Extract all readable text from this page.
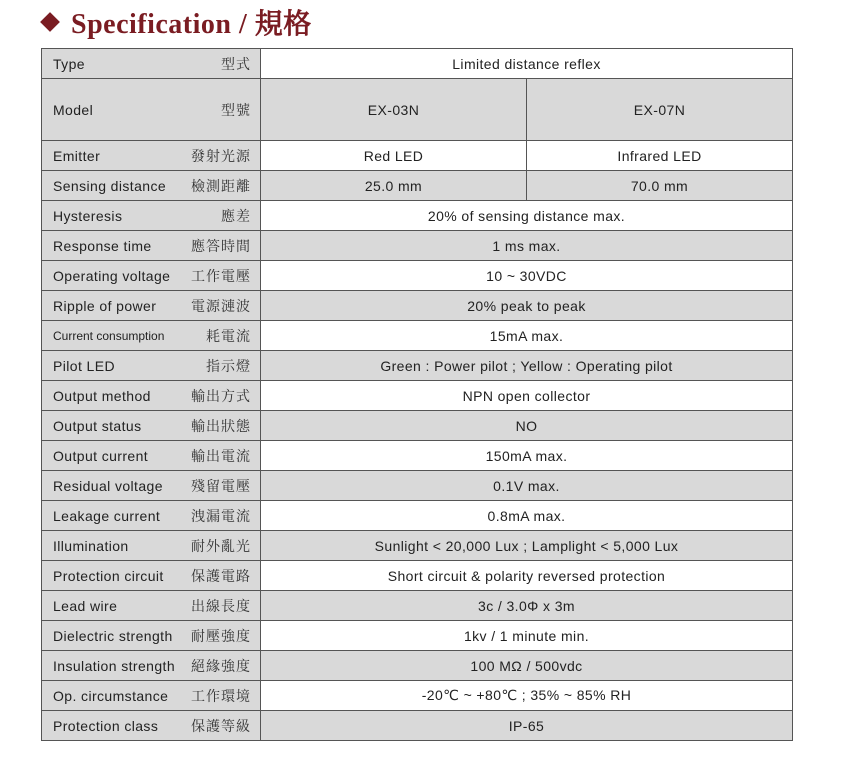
Specification / 規格
Type 型式	Limited distance reflex	

Model 型號	EX-03N	EX-07N

Emitter 發射光源	Red LED	Infrared LED

Sensing distance 檢測距離	25.0 mm	70.0 mm

Hysteresis 應差	20% of sensing distance max.	

Response time 應答時間	1 ms max.	

Operating voltage 工作電壓	10 ~ 30VDC	

Ripple of power 電源漣波	20% peak to peak	

Current consumption 耗電流	15mA max.	

Pilot LED 指示燈	Green : Power pilot ; Yellow : Operating pilot	

Output method 輸出方式	NPN open collector	

Output status 輸出狀態	NO	

Output current 輸出電流	150mA max.	

Residual voltage 殘留電壓	0.1V max.	

Leakage current 洩漏電流	0.8mA max.	

Illumination 耐外亂光	Sunlight < 20,000 Lux ; Lamplight < 5,000 Lux	

Protection circuit 保護電路	Short circuit & polarity reversed protection	

Lead wire 出線長度	3c / 3.0Φ x 3m	

Dielectric strength 耐壓強度	1kv / 1 minute min.	

Insulation strength 絕緣強度	100 MΩ / 500vdc	

Op. circumstance 工作環境	-20℃ ~ +80℃ ; 35% ~ 85% RH	

Protection class 保護等級	IP-65	
